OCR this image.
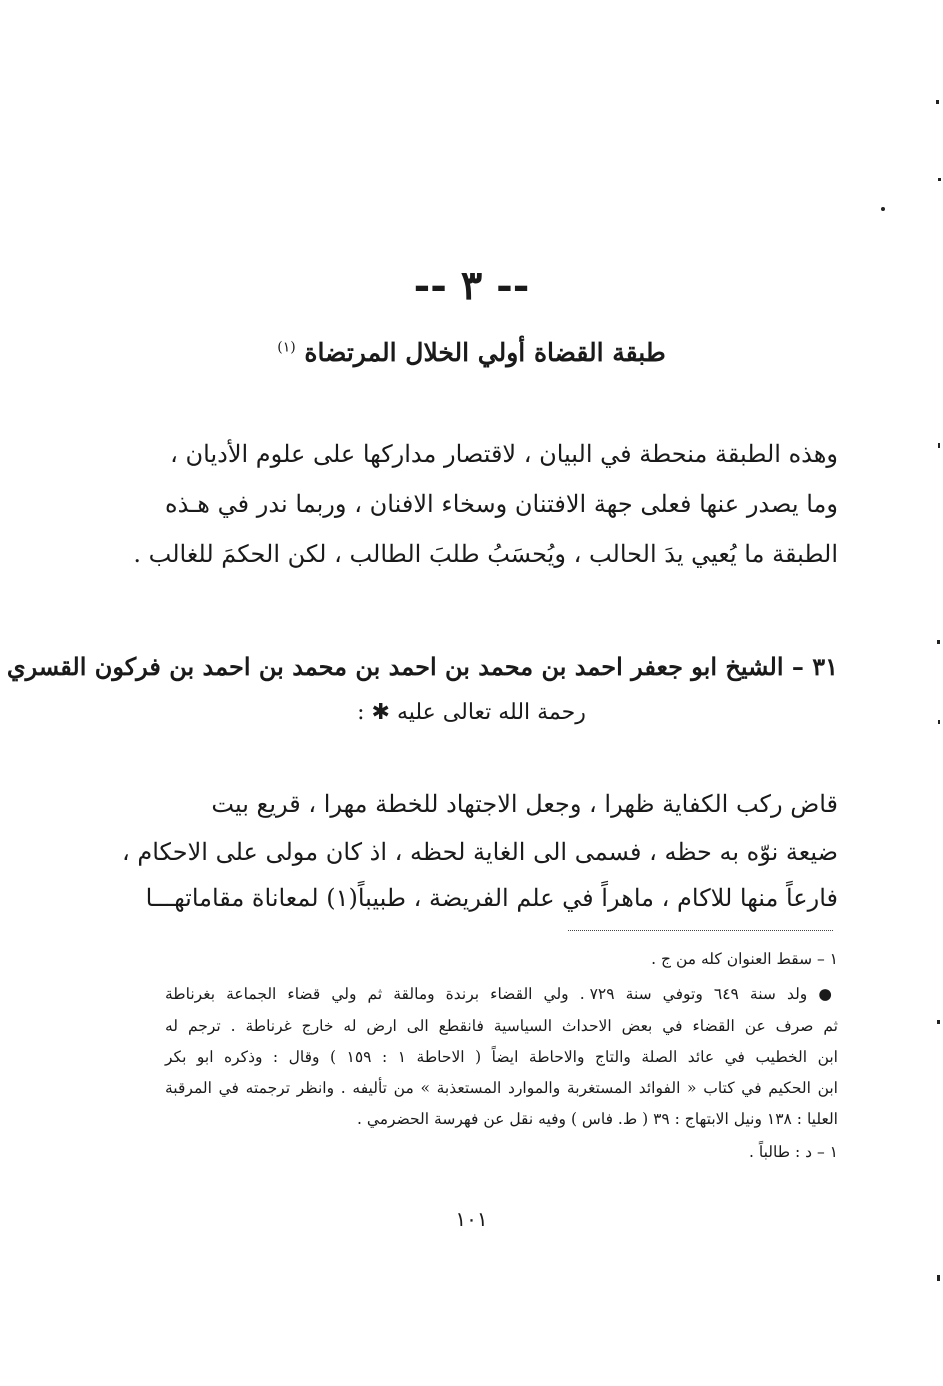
-- ٣ --
طبقة القضاة أولي الخلال المرتضاة $^{(١)}$
وهذه الطبقة منحطة في البيان ، لاقتصار مداركها على علوم الأديان ،
وما يصدر عنها فعلى جهة الافتنان وسخاء الافنان ، وربما ندر في هـذه
الطبقة ما يُعيي يدَ الحالب ، ويُحسَبُ طلبَ الطالب ، لكن الحكمَ للغالب .
٣١ – الشيخ ابو جعفر احمد بن محمد بن احمد بن محمد بن احمد بن فركون القسري
رحمة الله تعالى عليه ✱ :
قاض ركب الكفاية ظهرا ، وجعل الاجتهاد للخطة مهرا ، قريع بيت
ضيعة نوّه به حظه ، فسمى الى الغاية لحظه ، اذ كان مولى على الاحكام ،
فارعاً منها للاكام ، ماهراً في علم الفريضة ، طبيباً(١) لمعاناة مقاماتهـــا
١ – سقط العنوان كله من ج .
● ولد سنة ٦٤٩ وتوفي سنة ٧٢٩ . ولي القضاء برندة ومالقة ثم ولي قضاء الجماعة بغرناطة
ثم صرف عن القضاء في بعض الاحداث السياسية فانقطع الى ارض له خارج غرناطة . ترجم له
ابن الخطيب في عائد الصلة والتاج والاحاطة ايضاً ( الاحاطة ١ : ١٥٩ ) وقال : وذكره ابو بكر
ابن الحكيم في كتاب « الفوائد المستغربة والموارد المستعذبة » من تأليفه . وانظر ترجمته في المرقبة
العليا : ١٣٨ ونيل الابتهاج : ٣٩ ( ط. فاس ) وفيه نقل عن فهرسة الحضرمي .
١ – د : طالباً .
١٠١
